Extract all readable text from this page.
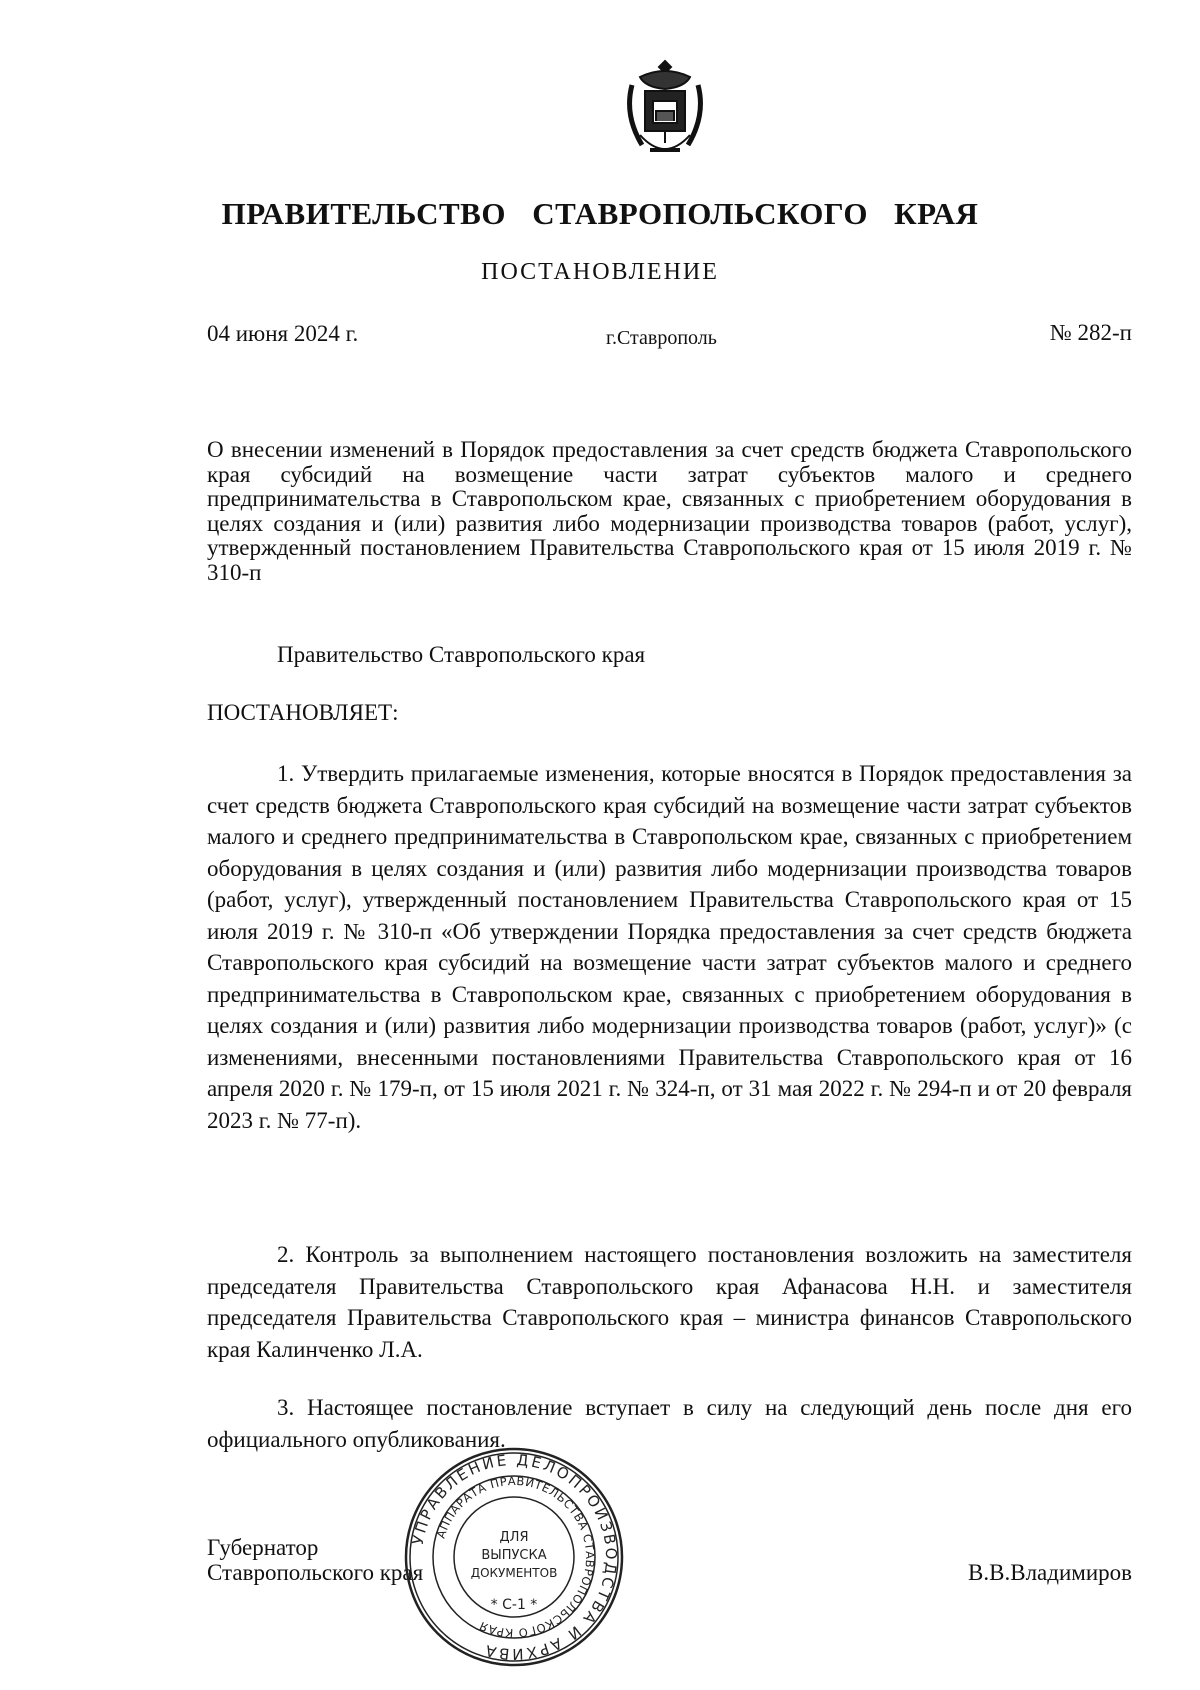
ПРАВИТЕЛЬСТВО СТАВРОПОЛЬСКОГО КРАЯ
ПОСТАНОВЛЕНИЕ
04 июня 2024 г.	г.Ставрополь	№ 282-п
О внесении изменений в Порядок предоставления за счет средств бюджета Ставропольского края субсидий на возмещение части затрат субъектов малого и среднего предпринимательства в Ставропольском крае, связанных с приобретением оборудования в целях создания и (или) развития либо модернизации производства товаров (работ, услуг), утвержденный постановлением Правительства Ставропольского края от 15 июля 2019 г. № 310-п
Правительство Ставропольского края
ПОСТАНОВЛЯЕТ:
1. Утвердить прилагаемые изменения, которые вносятся в Порядок предоставления за счет средств бюджета Ставропольского края субсидий на возмещение части затрат субъектов малого и среднего предпринимательства в Ставропольском крае, связанных с приобретением оборудования в целях создания и (или) развития либо модернизации производства товаров (работ, услуг), утвержденный постановлением Правительства Ставропольского края от 15 июля 2019 г. № 310-п «Об утверждении Порядка предоставления за счет средств бюджета Ставропольского края субсидий на возмещение части затрат субъектов малого и среднего предпринимательства в Ставропольском крае, связанных с приобретением оборудования в целях создания и (или) развития либо модернизации производства товаров (работ, услуг)» (с изменениями, внесенными постановлениями Правительства Ставропольского края от 16 апреля 2020 г. № 179-п, от 15 июля 2021 г. № 324-п, от 31 мая 2022 г. № 294-п и от 20 февраля 2023 г. № 77-п).
2. Контроль за выполнением настоящего постановления возложить на заместителя председателя Правительства Ставропольского края Афанасова Н.Н. и заместителя председателя Правительства Ставропольского края – министра финансов Ставропольского края Калинченко Л.А.
3. Настоящее постановление вступает в силу на следующий день после дня его официального опубликования.
Губернатор
Ставропольского края	В.В.Владимиров
УПРАВЛЕНИЕ ДЕЛОПРОИЗВОДСТВА И АРХИВА
АППАРАТА ПРАВИТЕЛЬСТВА СТАВРОПОЛЬСКОГО КРАЯ
ДЛЯ
ВЫПУСКА
ДОКУМЕНТОВ
* С-1 *
